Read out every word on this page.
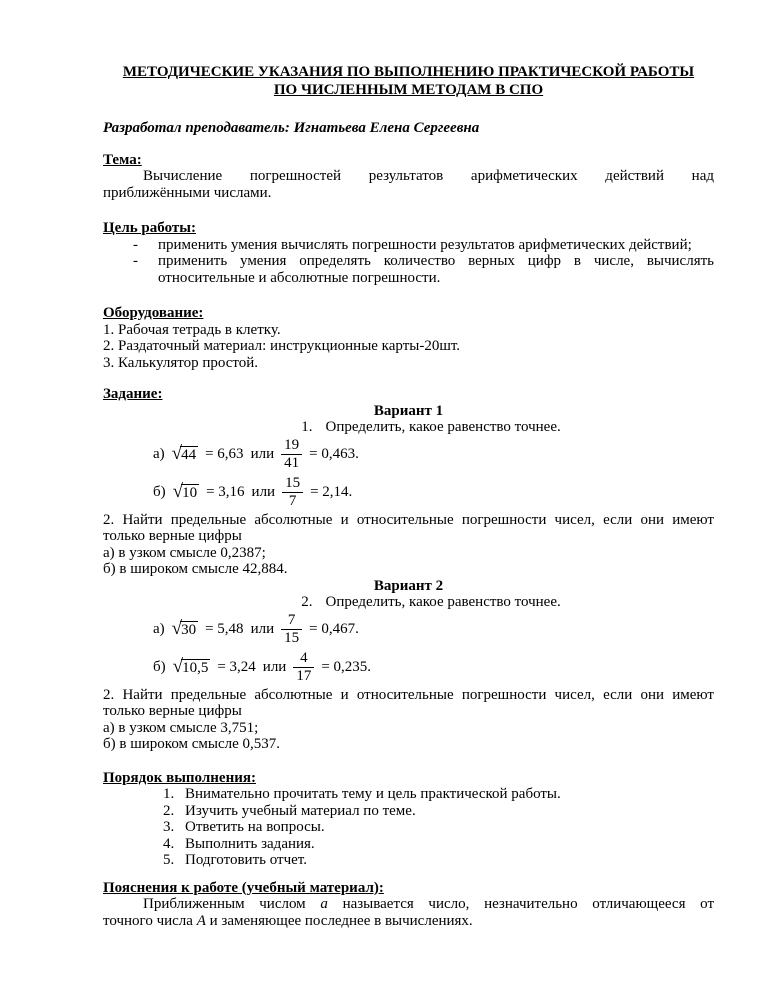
МЕТОДИЧЕСКИЕ УКАЗАНИЯ ПО ВЫПОЛНЕНИЮ ПРАКТИЧЕСКОЙ РАБОТЫ
ПО ЧИСЛЕННЫМ МЕТОДАМ В СПО

Разработал преподаватель: Игнатьева Елена Сергеевна

Тема:
Вычисление погрешностей результатов арифметических действий над
приближёнными числами.
Цель работы:
-	применить умения вычислять погрешности результатов арифметических действий;
-	применить умения определять количество верных цифр в числе, вычислять
относительные и абсолютные погрешности.
Оборудование:
1. Рабочая тетрадь в клетку.
2. Раздаточный материал: инструкционные карты-20шт.
3. Калькулятор простой.
Задание:
Вариант 1
1. Определить, какое равенство точнее.
а) √ 44 = 6,63 или $\frac{19}{41} = 0,463$.
б) √ 10 = 3,16 или $\frac{15}{7} = 2,14$.
2. Найти предельные абсолютные и относительные погрешности чисел, если они имеют
только верные цифры
а) в узком смысле 0,2387;
б) в широком смысле 42,884.
Вариант 2
2. Определить, какое равенство точнее.
а) √ 30 = 5,48 или $\frac{7}{15} = 0,467$.
б) √ 10,5 = 3,24 или $\frac{4}{17} = 0,235$.
2. Найти предельные абсолютные и относительные погрешности чисел, если они имеют
только верные цифры
а) в узком смысле 3,751;
б) в широком смысле 0,537.
Порядок выполнения:
1. Внимательно прочитать тему и цель практической работы.
2. Изучить учебный материал по теме.
3. Ответить на вопросы.
4. Выполнить задания.
5. Подготовить отчет.
Пояснения к работе (учебный материал):
Приближенным числом а называется число, незначительно отличающееся от
точного числа А и заменяющее последнее в вычислениях.
